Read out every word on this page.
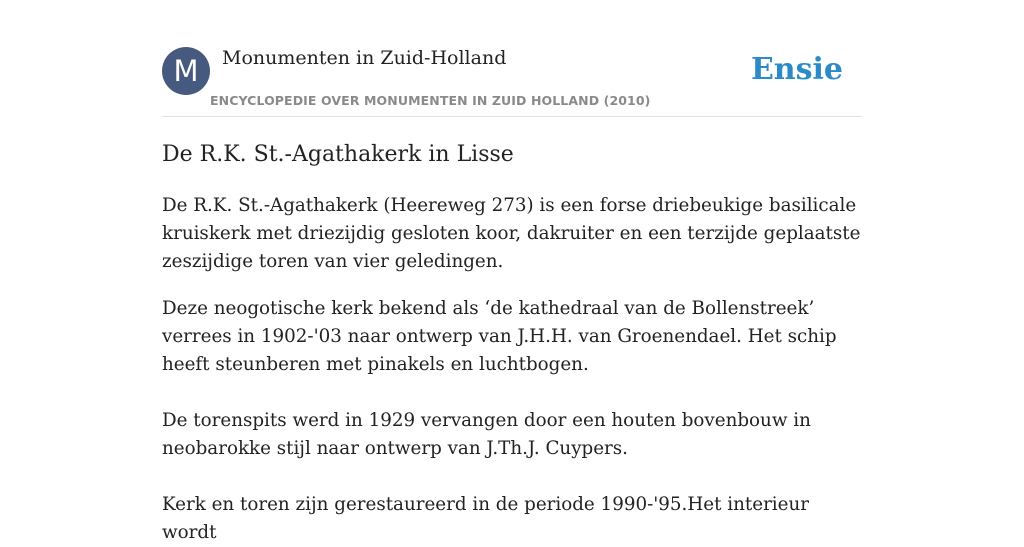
M	Monumenten in Zuid-Holland
ENCYCLOPEDIE OVER MONUMENTEN IN ZUID HOLLAND (2010)
Ensie
De R.K. St.-Agathakerk in Lisse

De R.K. St.-Agathakerk (Heereweg 273) is een forse driebeukige basilicale kruiskerk met driezijdig gesloten koor, dakruiter en een terzijde geplaatste zeszijdige toren van vier geledingen.

Deze neogotische kerk bekend als ‘de kathedraal van de Bollenstreek’ verrees in 1902-'03 naar ontwerp van J.H.H. van Groenendael. Het schip heeft steunberen met pinakels en luchtbogen.

De torenspits werd in 1929 vervangen door een houten bovenbouw in neobarokke stijl naar ontwerp van J.Th.J. Cuypers.

Kerk en toren zijn gerestaureerd in de periode 1990-'95.Het interieur wordt
